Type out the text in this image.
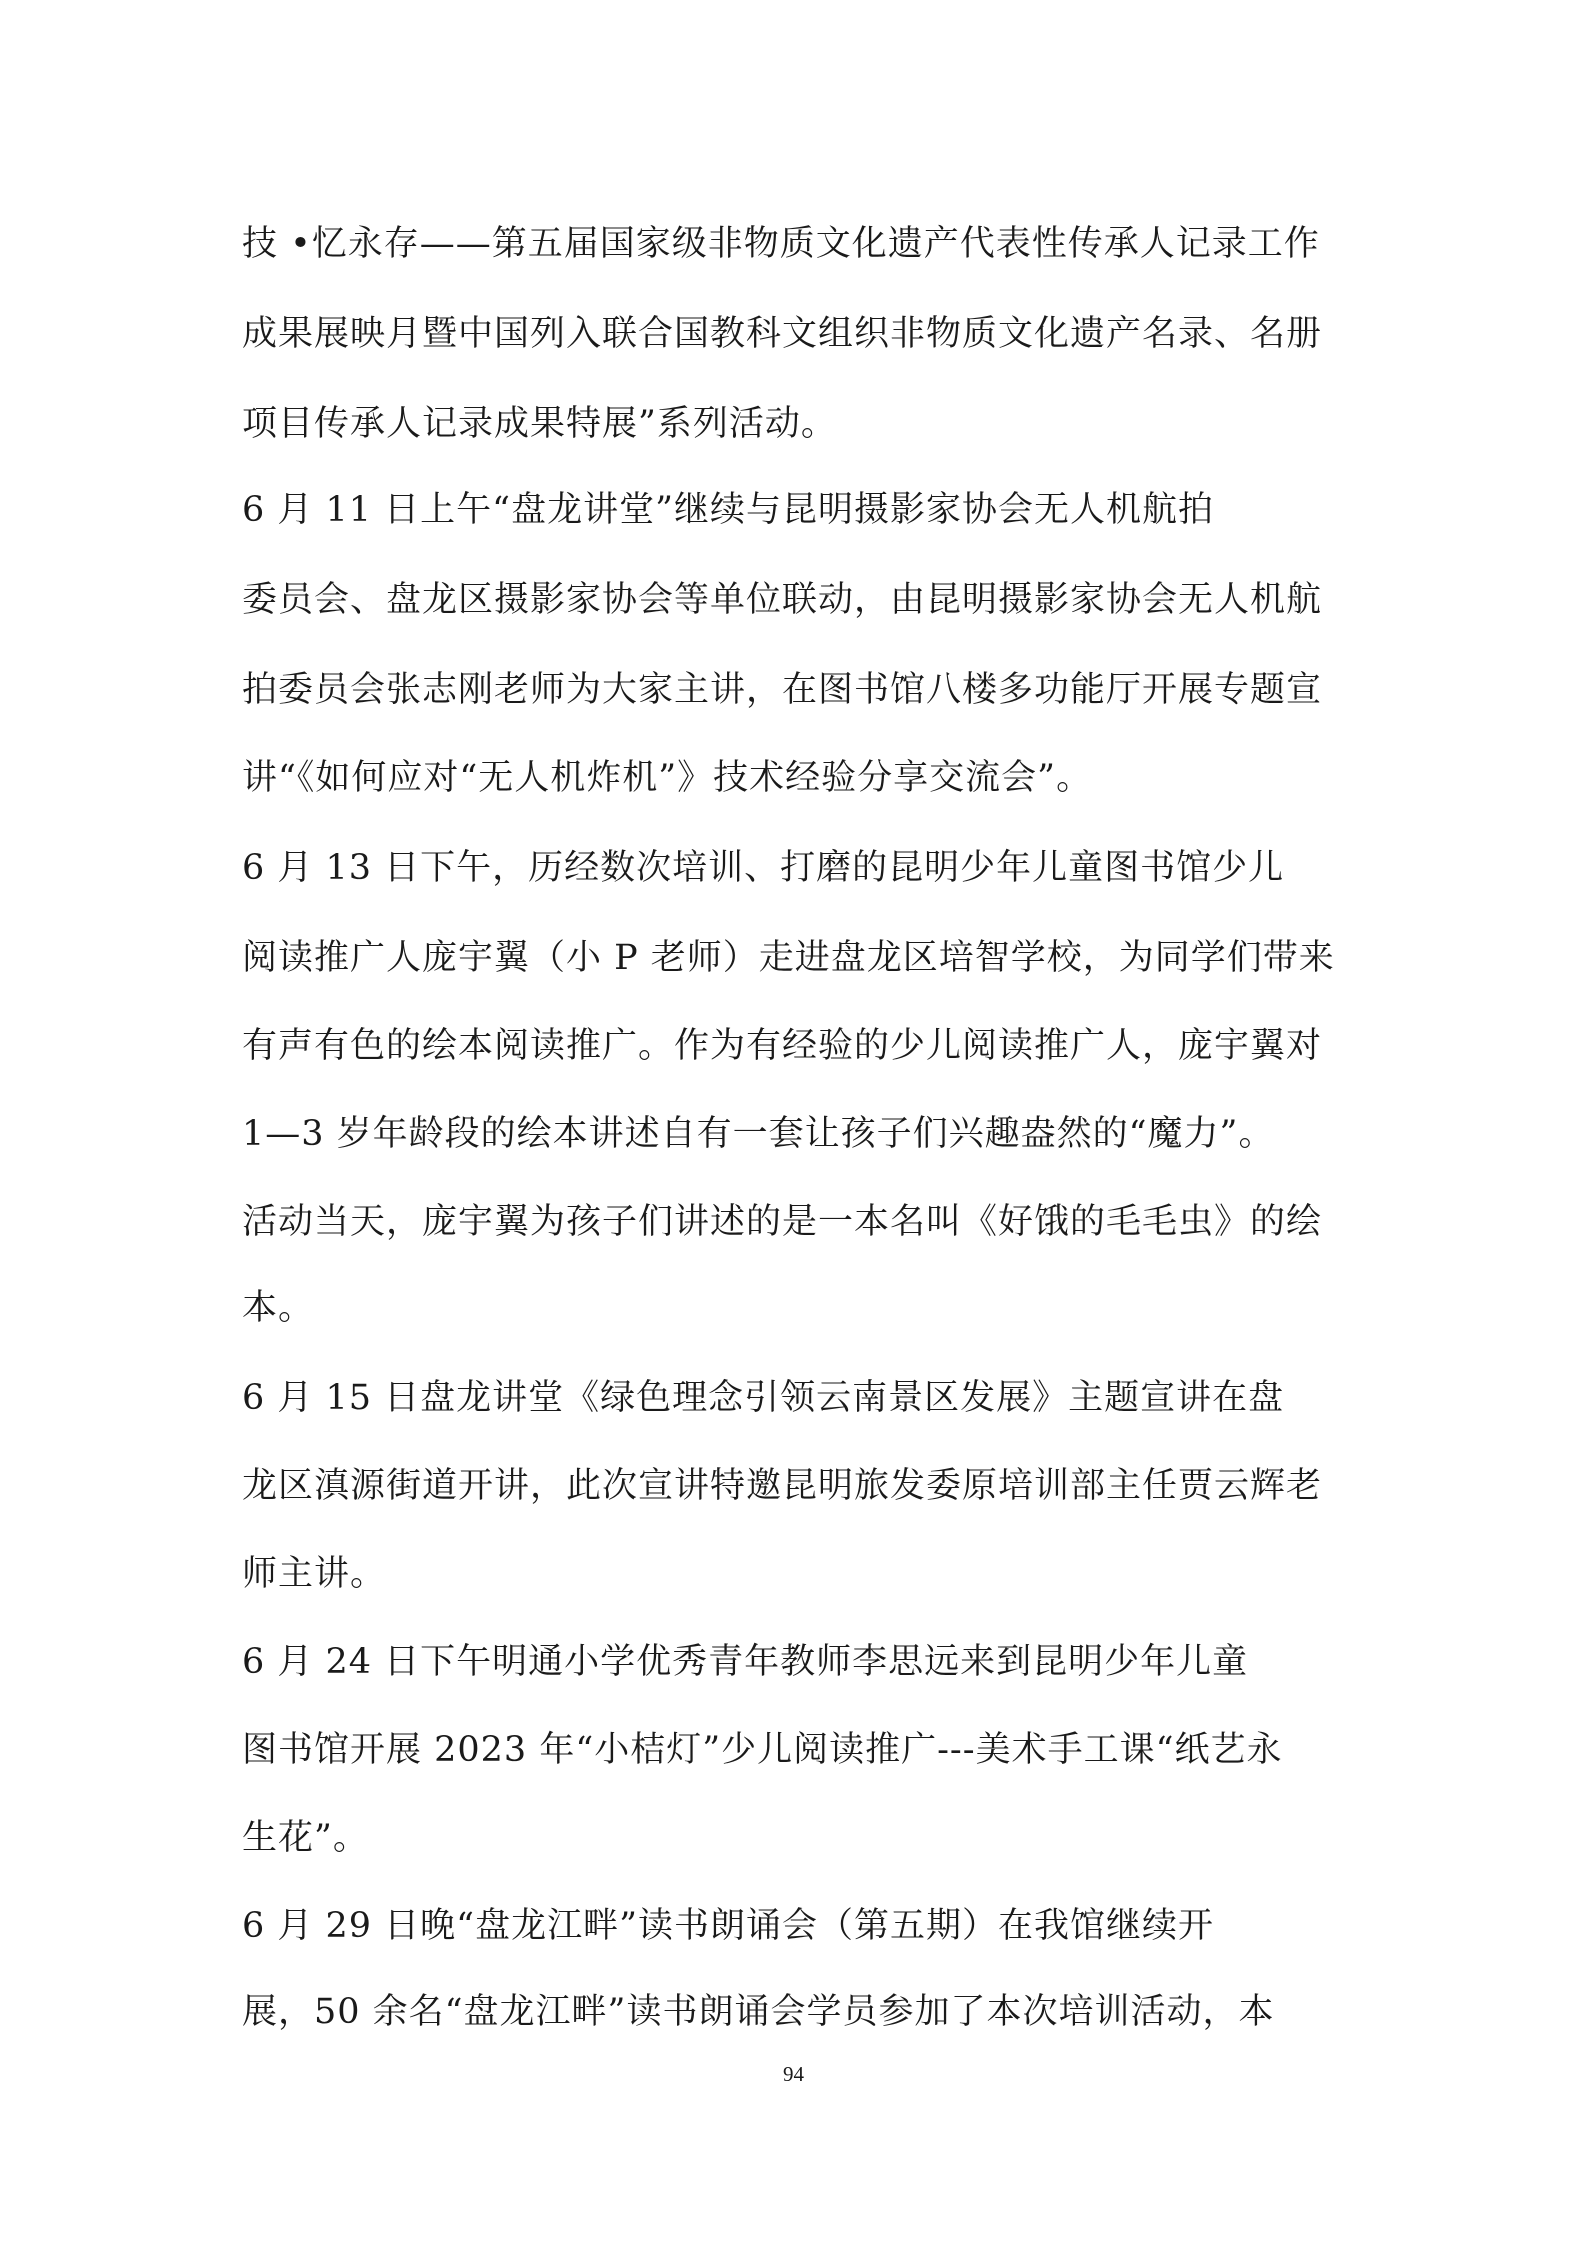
技 •忆永存——第五届国家级非物质文化遗产代表性传承人记录工作
成果展映月暨中国列入联合国教科文组织非物质文化遗产名录、名册
项目传承人记录成果特展”系列活动。
6 月 11 日上午“盘龙讲堂”继续与昆明摄影家协会无人机航拍
委员会、盘龙区摄影家协会等单位联动，由昆明摄影家协会无人机航
拍委员会张志刚老师为大家主讲，在图书馆八楼多功能厅开展专题宣
讲“《如何应对“无人机炸机”》技术经验分享交流会”。
6 月 13 日下午，历经数次培训、打磨的昆明少年儿童图书馆少儿
阅读推广人庞宇翼（小 P 老师）走进盘龙区培智学校，为同学们带来
有声有色的绘本阅读推广。作为有经验的少儿阅读推广人，庞宇翼对
1—3 岁年龄段的绘本讲述自有一套让孩子们兴趣盎然的“魔力”。
活动当天，庞宇翼为孩子们讲述的是一本名叫《好饿的毛毛虫》的绘
本。
6 月 15 日盘龙讲堂《绿色理念引领云南景区发展》主题宣讲在盘
龙区滇源街道开讲，此次宣讲特邀昆明旅发委原培训部主任贾云辉老
师主讲。
6 月 24 日下午明通小学优秀青年教师李思远来到昆明少年儿童
图书馆开展 2023 年“小桔灯”少儿阅读推广---美术手工课“纸艺永
生花”。
6 月 29 日晚“盘龙江畔”读书朗诵会（第五期）在我馆继续开
展，50 余名“盘龙江畔”读书朗诵会学员参加了本次培训活动，本
94
